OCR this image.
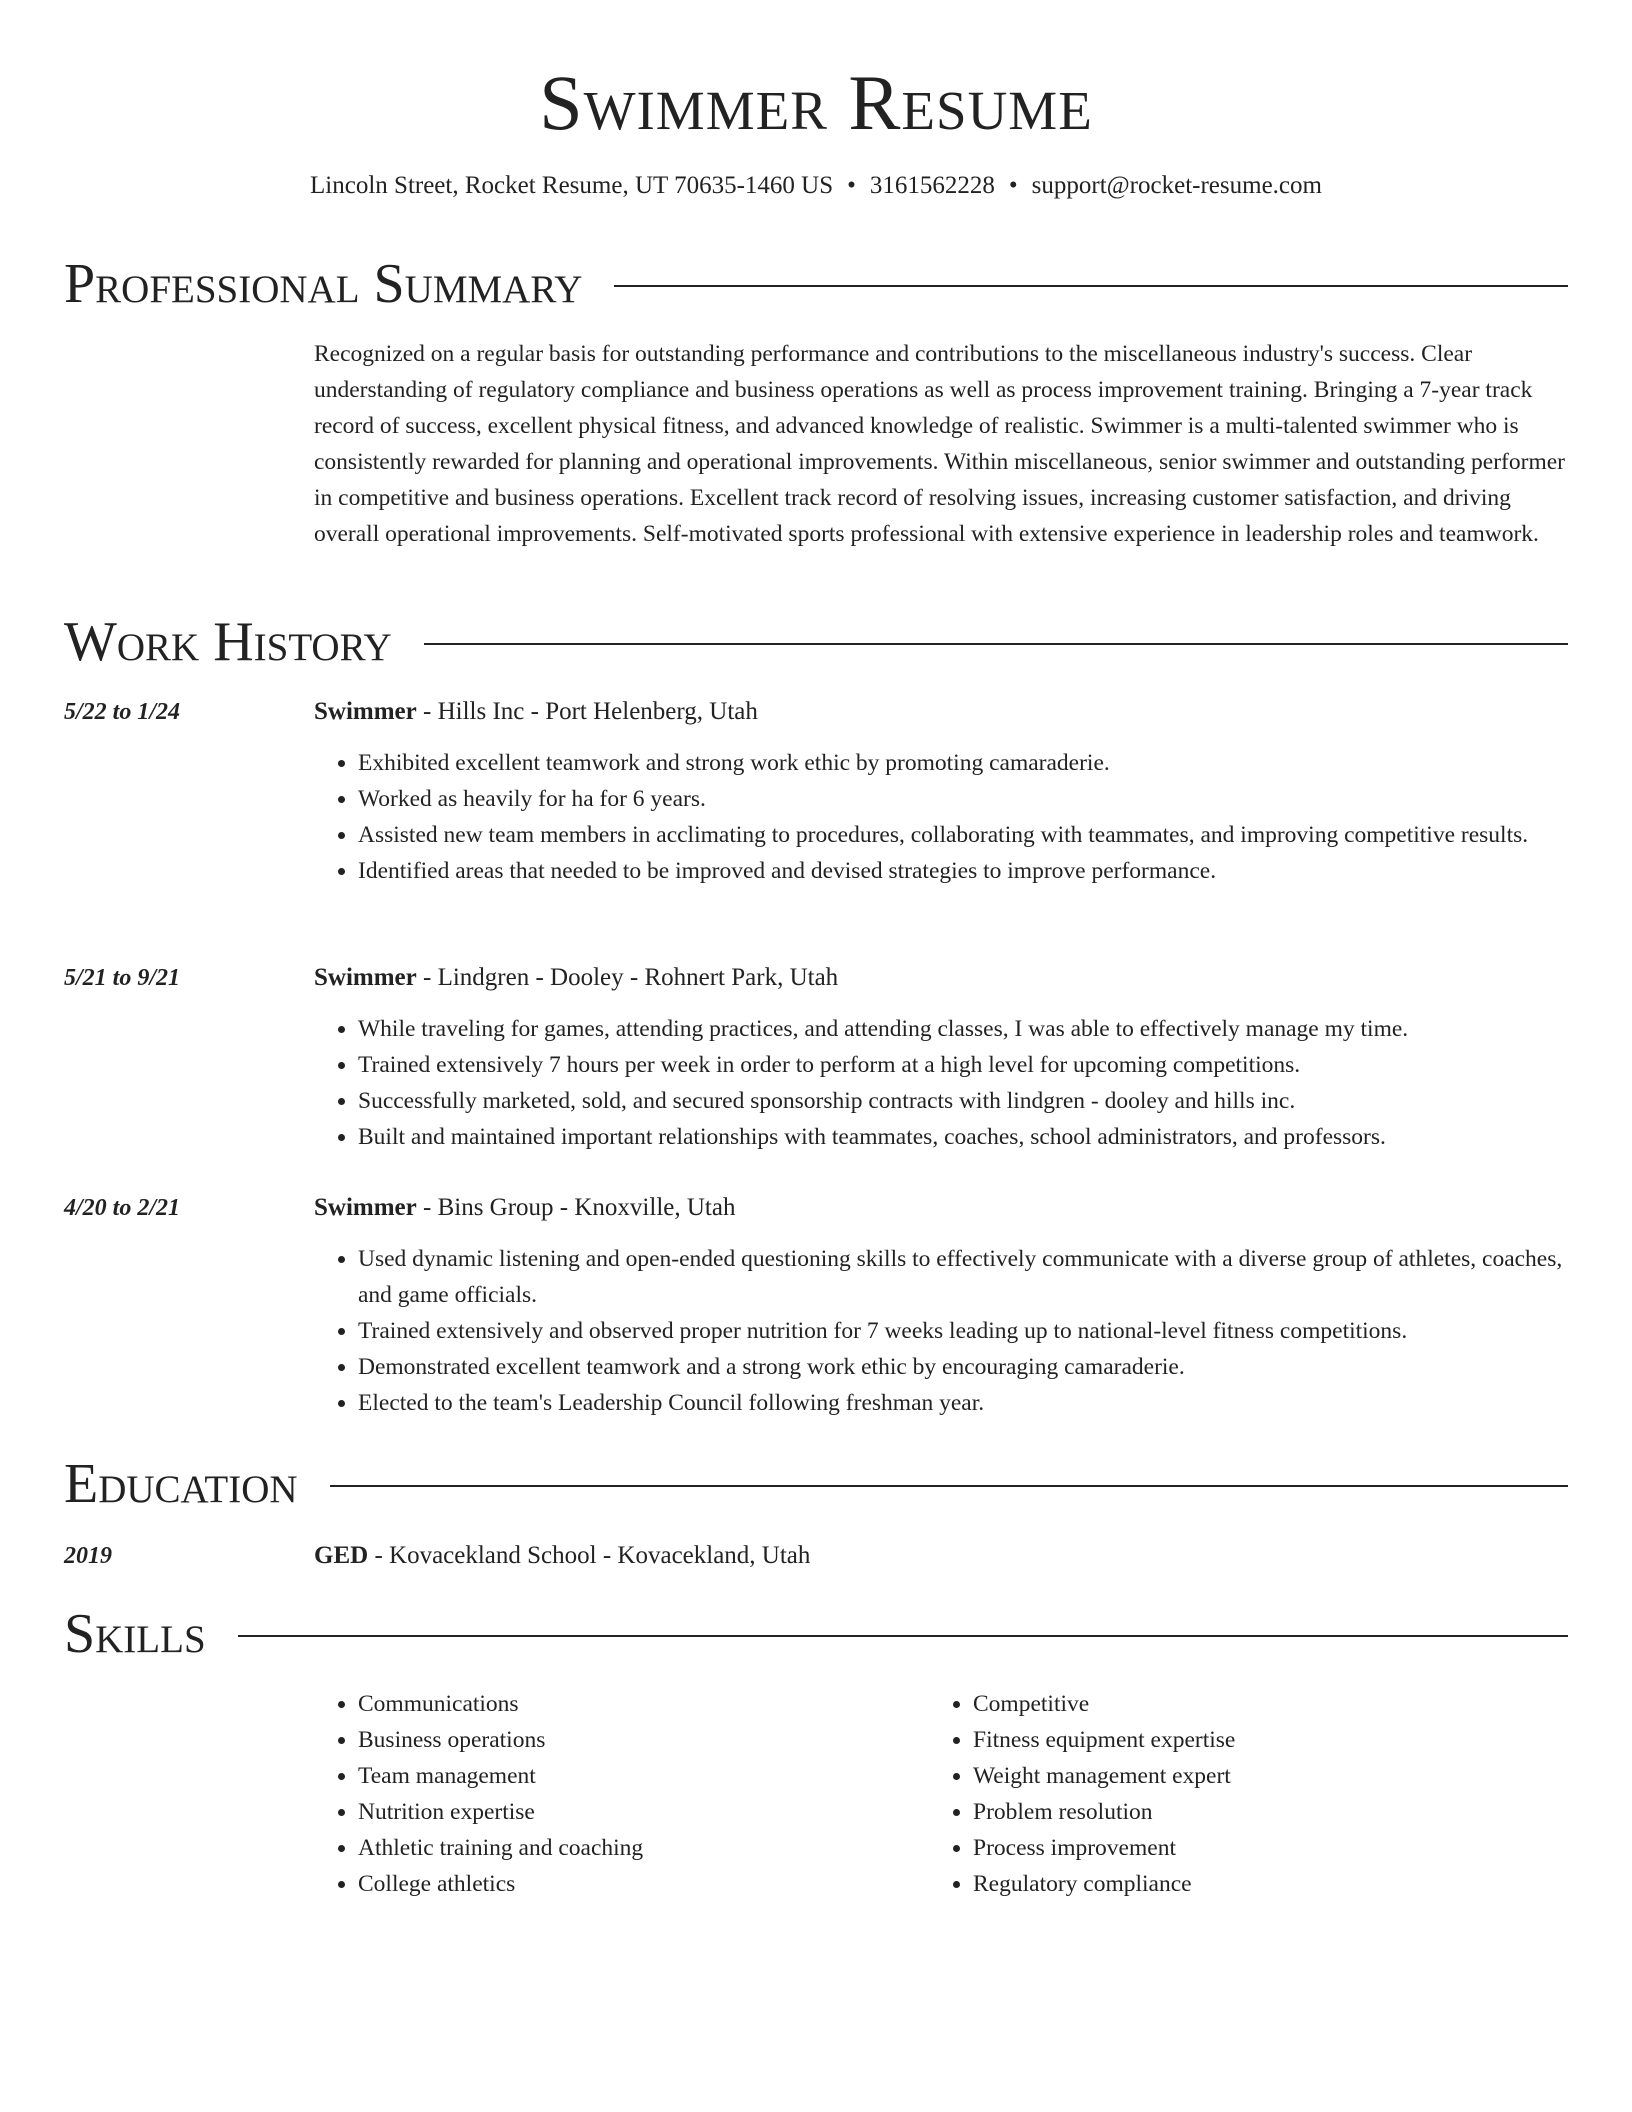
Swimmer Resume
Lincoln Street, Rocket Resume, UT 70635-1460 US • 3161562228 • support@rocket-resume.com
Professional Summary

Recognized on a regular basis for outstanding performance and contributions to the miscellaneous industry's success. Clear understanding of regulatory compliance and business operations as well as process improvement training. Bringing a 7-year track record of success, excellent physical fitness, and advanced knowledge of realistic. Swimmer is a multi-talented swimmer who is consistently rewarded for planning and operational improvements. Within miscellaneous, senior swimmer and outstanding performer in competitive and business operations. Excellent track record of resolving issues, increasing customer satisfaction, and driving overall operational improvements. Self-motivated sports professional with extensive experience in leadership roles and teamwork.

Work History
5/22 to 1/24	Swimmer - Hills Inc - Port Helenberg, Utah
• Exhibited excellent teamwork and strong work ethic by promoting camaraderie.
• Worked as heavily for ha for 6 years.
• Assisted new team members in acclimating to procedures, collaborating with teammates, and improving competitive results.
• Identified areas that needed to be improved and devised strategies to improve performance.
5/21 to 9/21	Swimmer - Lindgren - Dooley - Rohnert Park, Utah
• While traveling for games, attending practices, and attending classes, I was able to effectively manage my time.
• Trained extensively 7 hours per week in order to perform at a high level for upcoming competitions.
• Successfully marketed, sold, and secured sponsorship contracts with lindgren - dooley and hills inc.
• Built and maintained important relationships with teammates, coaches, school administrators, and professors.
4/20 to 2/21	Swimmer - Bins Group - Knoxville, Utah
• Used dynamic listening and open-ended questioning skills to effectively communicate with a diverse group of athletes, coaches, and game officials.
• Trained extensively and observed proper nutrition for 7 weeks leading up to national-level fitness competitions.
• Demonstrated excellent teamwork and a strong work ethic by encouraging camaraderie.
• Elected to the team's Leadership Council following freshman year.
Education
2019	GED - Kovacekland School - Kovacekland, Utah
Skills
• Communications
• Business operations
• Team management
• Nutrition expertise
• Athletic training and coaching
• College athletics
• Competitive
• Fitness equipment expertise
• Weight management expert
• Problem resolution
• Process improvement
• Regulatory compliance
